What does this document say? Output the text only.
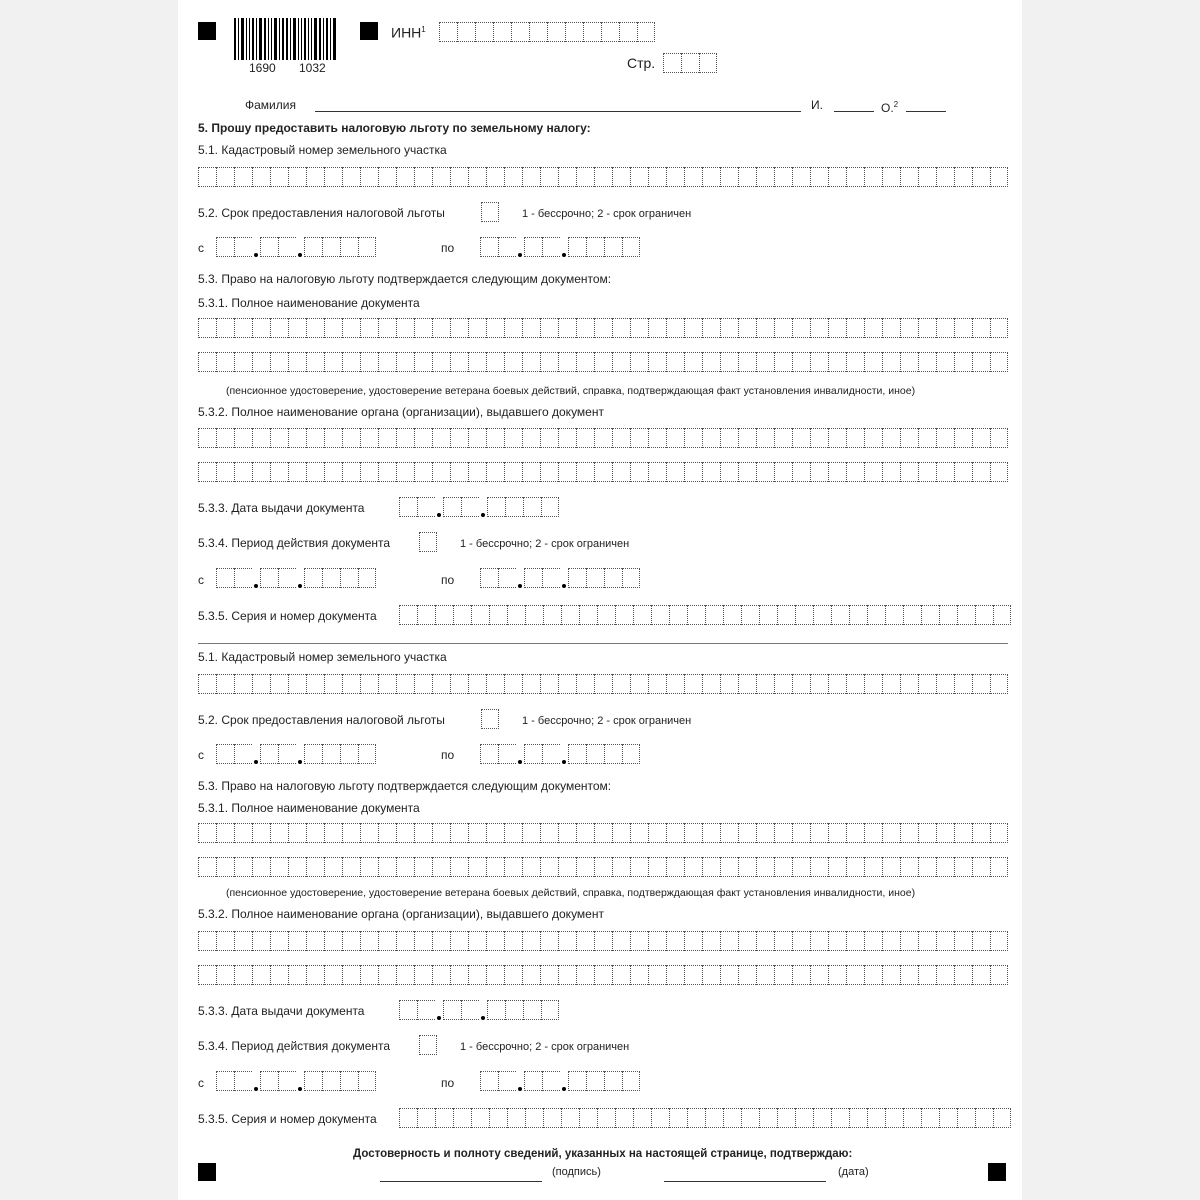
1690 1032
ИНН$^1$
Стр.
Фамилия	И.	О.$^2$
5. Прошу предоставить налоговую льготу по земельному налогу:
5.1. Кадастровый номер земельного участка
5.2. Срок предоставления налоговой льготы	1 - бессрочно; 2 - срок ограничен
с	по
5.3. Право на налоговую льготу подтверждается следующим документом:
5.3.1. Полное наименование документа
(пенсионное удостоверение, удостоверение ветерана боевых действий, справка, подтверждающая факт установления инвалидности, иное)
5.3.2. Полное наименование органа (организации), выдавшего документ
5.3.3. Дата выдачи документа
5.3.4. Период действия документа	1 - бессрочно; 2 - срок ограничен
с	по
5.3.5. Серия и номер документа
5.1. Кадастровый номер земельного участка
5.2. Срок предоставления налоговой льготы	1 - бессрочно; 2 - срок ограничен
с	по
5.3. Право на налоговую льготу подтверждается следующим документом:
5.3.1. Полное наименование документа
(пенсионное удостоверение, удостоверение ветерана боевых действий, справка, подтверждающая факт установления инвалидности, иное)
5.3.2. Полное наименование органа (организации), выдавшего документ
5.3.3. Дата выдачи документа
5.3.4. Период действия документа	1 - бессрочно; 2 - срок ограничен
с	по
5.3.5. Серия и номер документа
Достоверность и полноту сведений, указанных на настоящей странице, подтверждаю:
(подпись)	(дата)
